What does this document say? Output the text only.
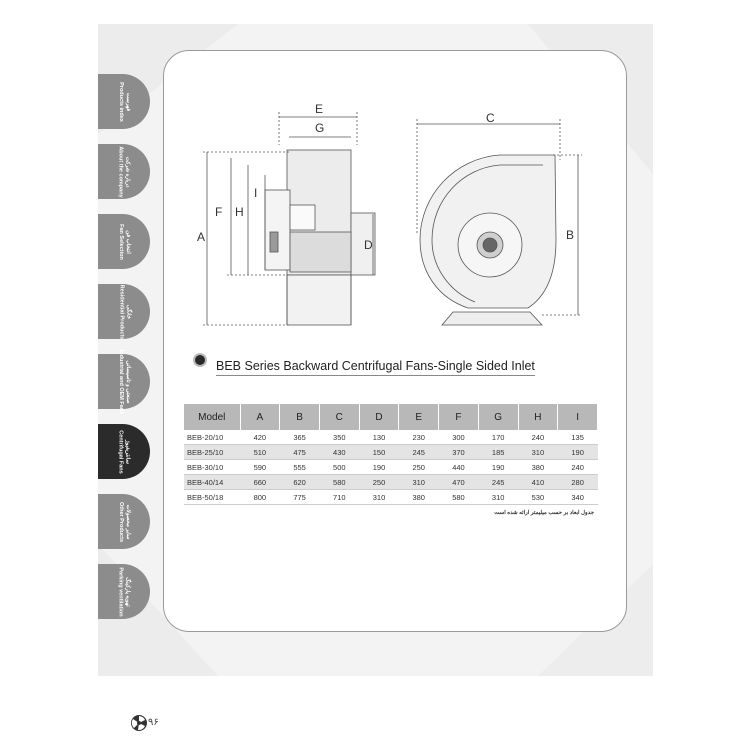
فهرست
Products index
درباره شرکت
About the company
انتخاب فن
Fan Selection
خانگی
Residential Products
صنعتی و تاسیساتی
Industrial and OEM Fans
سانتریفیوژ
Centrifugal Fans
سایر محصولات
Other Products
تهویه پارکینگ
Parking ventilation
E
G
A
F H
I
D
C
B
BEB Series Backward Centrifugal Fans-Single Sided Inlet
Model	A	B	C	D	E	F	G	H	I
BEB-20/10	420	365	350	130	230	300	170	240	135
BEB-25/10	510	475	430	150	245	370	185	310	190
BEB-30/10	590	555	500	190	250	440	190	380	240
BEB-40/14	660	620	580	250	310	470	245	410	280
BEB-50/18	800	775	710	310	380	580	310	530	340
جدول ابعاد بر حسب میلیمتر ارائه شده است
۹۶
